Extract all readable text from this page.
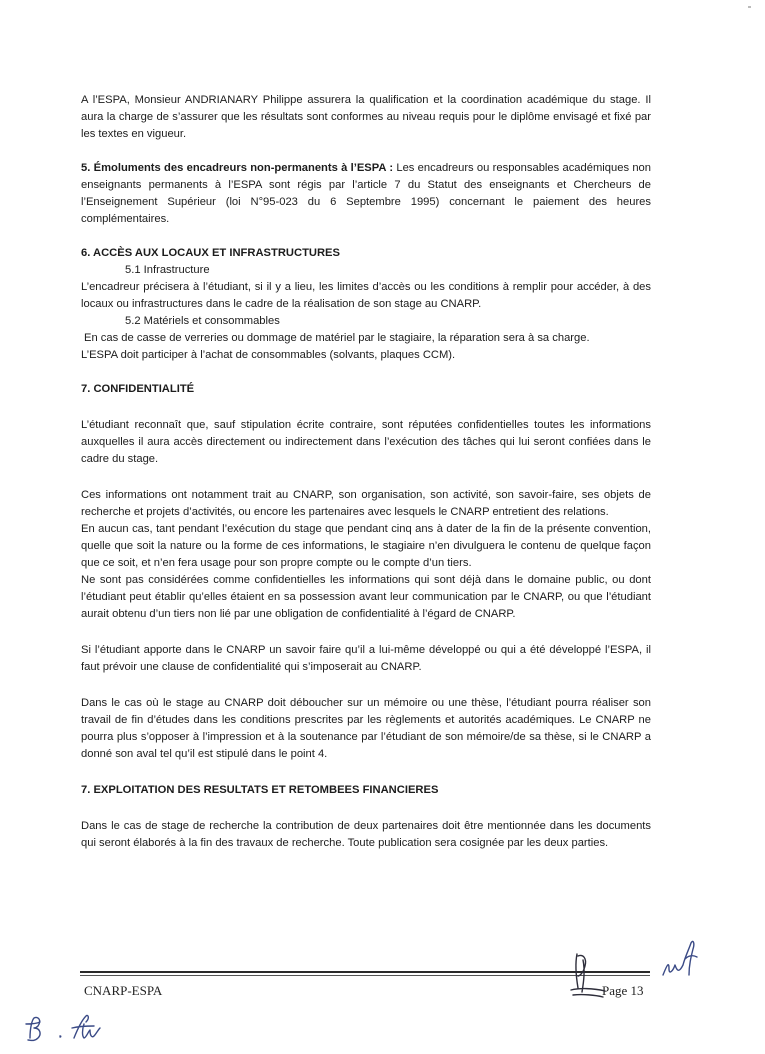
A l’ESPA, Monsieur ANDRIANARY Philippe assurera la qualification et la coordination académique du stage. Il aura la charge de s’assurer que les résultats sont conformes au niveau requis pour le diplôme envisagé et fixé par les textes en vigueur.

5. Émoluments des encadreurs non-permanents à l’ESPA : Les encadreurs ou responsables académiques non enseignants permanents à l’ESPA sont régis par l’article 7 du Statut des enseignants et Chercheurs de l’Enseignement Supérieur (loi N°95-023 du 6 Septembre 1995) concernant le paiement des heures complémentaires.

6. ACCÈS AUX LOCAUX ET INFRASTRUCTURES

5.1 Infrastructure

L’encadreur précisera à l’étudiant, si il y a lieu, les limites d’accès ou les conditions à remplir pour accéder, à des locaux ou infrastructures dans le cadre de la réalisation de son stage au CNARP.

5.2 Matériels et consommables

En cas de casse de verreries ou dommage de matériel par le stagiaire, la réparation sera à sa charge.

L’ESPA doit participer à l’achat de consommables (solvants, plaques CCM).

7. CONFIDENTIALITÉ

L’étudiant reconnaît que, sauf stipulation écrite contraire, sont réputées confidentielles toutes les informations auxquelles il aura accès directement ou indirectement dans l’exécution des tâches qui lui seront confiées dans le cadre du stage.

Ces informations ont notamment trait au CNARP, son organisation, son activité, son savoir-faire, ses objets de recherche et projets d’activités, ou encore les partenaires avec lesquels le CNARP entretient des relations.

En aucun cas, tant pendant l’exécution du stage que pendant cinq ans à dater de la fin de la présente convention, quelle que soit la nature ou la forme de ces informations, le stagiaire n’en divulguera le contenu de quelque façon que ce soit, et n’en fera usage pour son propre compte ou le compte d’un tiers.

Ne sont pas considérées comme confidentielles les informations qui sont déjà dans le domaine public, ou dont l’étudiant peut établir qu’elles étaient en sa possession avant leur communication par le CNARP, ou que l’étudiant aurait obtenu d’un tiers non lié par une obligation de confidentialité à l’égard de CNARP.

Si l’étudiant apporte dans le CNARP un savoir faire qu’il a lui-même développé ou qui a été développé l’ESPA, il faut prévoir une clause de confidentialité qui s’imposerait au CNARP.

Dans le cas où le stage au CNARP doit déboucher sur un mémoire ou une thèse, l’étudiant pourra réaliser son travail de fin d’études dans les conditions prescrites par les règlements et autorités académiques. Le CNARP ne pourra plus s’opposer à l’impression et à la soutenance par l’étudiant de son mémoire/de sa thèse, si le CNARP a donné son aval tel qu’il est stipulé dans le point 4.

7. EXPLOITATION DES RESULTATS ET RETOMBEES FINANCIERES

Dans le cas de stage de recherche la contribution de deux partenaires doit être mentionnée dans les documents qui seront élaborés à la fin des travaux de recherche. Toute publication sera cosignée par les deux parties.

CNARP-ESPA	Page 13
